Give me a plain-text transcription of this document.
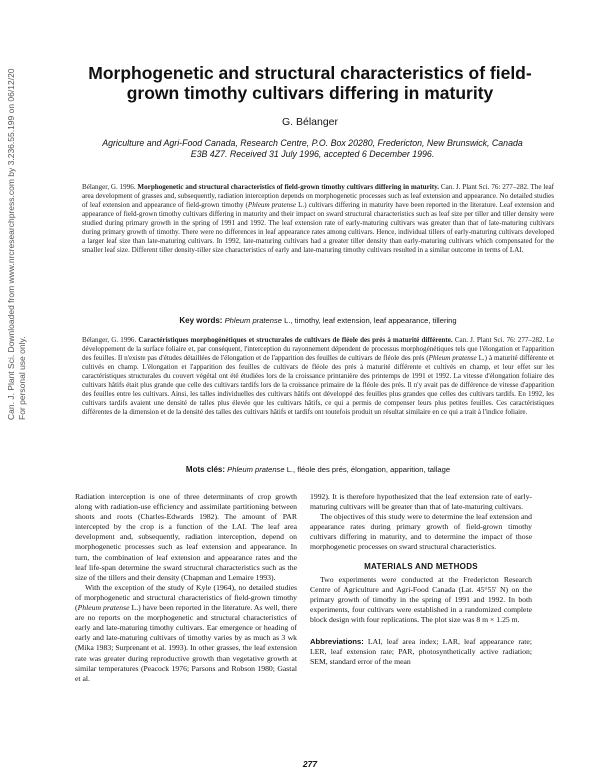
Can. J. Plant Sci. Downloaded from www.nrcresearchpress.com by 3.236.55.199 on 06/12/20 For personal use only.
Morphogenetic and structural characteristics of field-
grown timothy cultivars differing in maturity
G. Bélanger
Agriculture and Agri-Food Canada, Research Centre, P.O. Box 20280, Fredericton, New Brunswick, Canada
E3B 4Z7. Received 31 July 1996, accepted 6 December 1996.

Bélanger, G. 1996. Morphogenetic and structural characteristics of field-grown timothy cultivars differing in maturity. Can. J. Plant Sci. 76: 277–282. The leaf area development of grasses and, subsequently, radiation interception depends on morphogenetic processes such as leaf extension and appearance. No detailed studies of leaf extension and appearance of field-grown timothy (Phleum pratense L.) cultivars differing in maturity have been reported in the literature. Leaf extension and appearance of field-grown timothy cultivars differing in maturity and their impact on sward structural characteristics such as leaf size per tiller and tiller density were studied during primary growth in the spring of 1991 and 1992. The leaf extension rate of early-maturing cultivars was greater than that of late-maturing cultivars during primary growth of timothy. There were no differences in leaf appearance rates among cultivars. Hence, individual tillers of early-maturing cultivars developed a larger leaf size than late-maturing cultivars. In 1992, late-maturing cultivars had a greater tiller density than early-maturing cultivars which compensated for the smaller leaf size. Different tiller density-tiller size characteristics of early and late-maturing timothy cultivars resulted in a similar outcome in terms of LAI.

Key words: Phleum pratense L., timothy, leaf extension, leaf appearance, tillering

Bélanger, G. 1996. Caractéristiques morphogénétiques et structurales de cultivars de fléole des prés à maturité différente. Can. J. Plant Sci. 76: 277–282. Le développement de la surface foliaire et, par conséquent, l'interception du rayonnement dépendent de processus morphogénétiques tels que l'élongation et l'apparition des feuilles. Il n'existe pas d'études détaillées de l'élongation et de l'apparition des feuilles de cultivars de fléole des prés (Phleum pratense L.) à maturité différente et cultivés en champ. L'élongation et l'apparition des feuilles de cultivars de fléole des prés à maturité différente et cultivés en champ, et leur effet sur les caractéristiques structurales du couvert végétal ont été étudiées lors de la croissance printanière des printemps de 1991 et 1992. La vitesse d'élongation foliaire des cultivars hâtifs était plus grande que celle des cultivars tardifs lors de la croissance primaire de la fléole des prés. Il n'y avait pas de différence de vitesse d'apparition des feuilles entre les cultivars. Ainsi, les talles individuelles des cultivars hâtifs ont développé des feuilles plus grandes que celles des cultivars tardifs. En 1992, les cultivars tardifs avaient une densité de talles plus élevée que les cultivars hâtifs, ce qui a permis de compenser leurs plus petites feuilles. Ces caractéristiques différentes de la dimension et de la densité des talles des cultivars hâtifs et tardifs ont toutefois produit un résultat similaire en ce qui a trait à l'indice foliaire.

Mots clés: Phleum pratense L., fléole des prés, élongation, apparition, tallage

Radiation interception is one of three determinants of crop growth along with radiation-use efficiency and assimilate partitioning between shoots and roots (Charles-Edwards 1982). The amount of PAR intercepted by the crop is a function of the LAI. The leaf area development and, subsequently, radiation interception, depend on morphogenetic processes such as leaf extension and appearance. In turn, the combination of leaf extension and appearance rates and the leaf life-span determine the sward structural characteristics such as the size of the tillers and their density (Chapman and Lemaire 1993).

With the exception of the study of Kyle (1964), no detailed studies of morphogenetic and structural characteristics of field-grown timothy (Phleum pratense L.) have been reported in the literature. As well, there are no reports on the morphogenetic and structural characteristics of early and late-maturing timothy cultivars. Ear emergence or heading of early and late-maturing cultivars of timothy varies by as much as 3 wk (Mika 1983; Surprenant et al. 1993). In other grasses, the leaf extension rate was greater during reproductive growth than vegetative growth at similar temperatures (Peacock 1976; Parsons and Robson 1980; Gastal et al.

1992). It is therefore hypothesized that the leaf extension rate of early-maturing cultivars will be greater than that of late-maturing cultivars.

The objectives of this study were to determine the leaf extension and appearance rates during primary growth of field-grown timothy cultivars differing in maturity, and to determine the impact of those morphogenetic processes on sward structural characteristics.

MATERIALS AND METHODS

Two experiments were conducted at the Fredericton Research Centre of Agriculture and Agri-Food Canada (Lat. 45°55' N) on the primary growth of timothy in the spring of 1991 and 1992. In both experiments, four cultivars were established in a randomized complete block design with four replications. The plot size was 8 m × 1.25 m.

Abbreviations: LAI, leaf area index; LAR, leaf appearance rate; LER, leaf extension rate; PAR, photosynthetically active radiation; SEM, standard error of the mean

277
